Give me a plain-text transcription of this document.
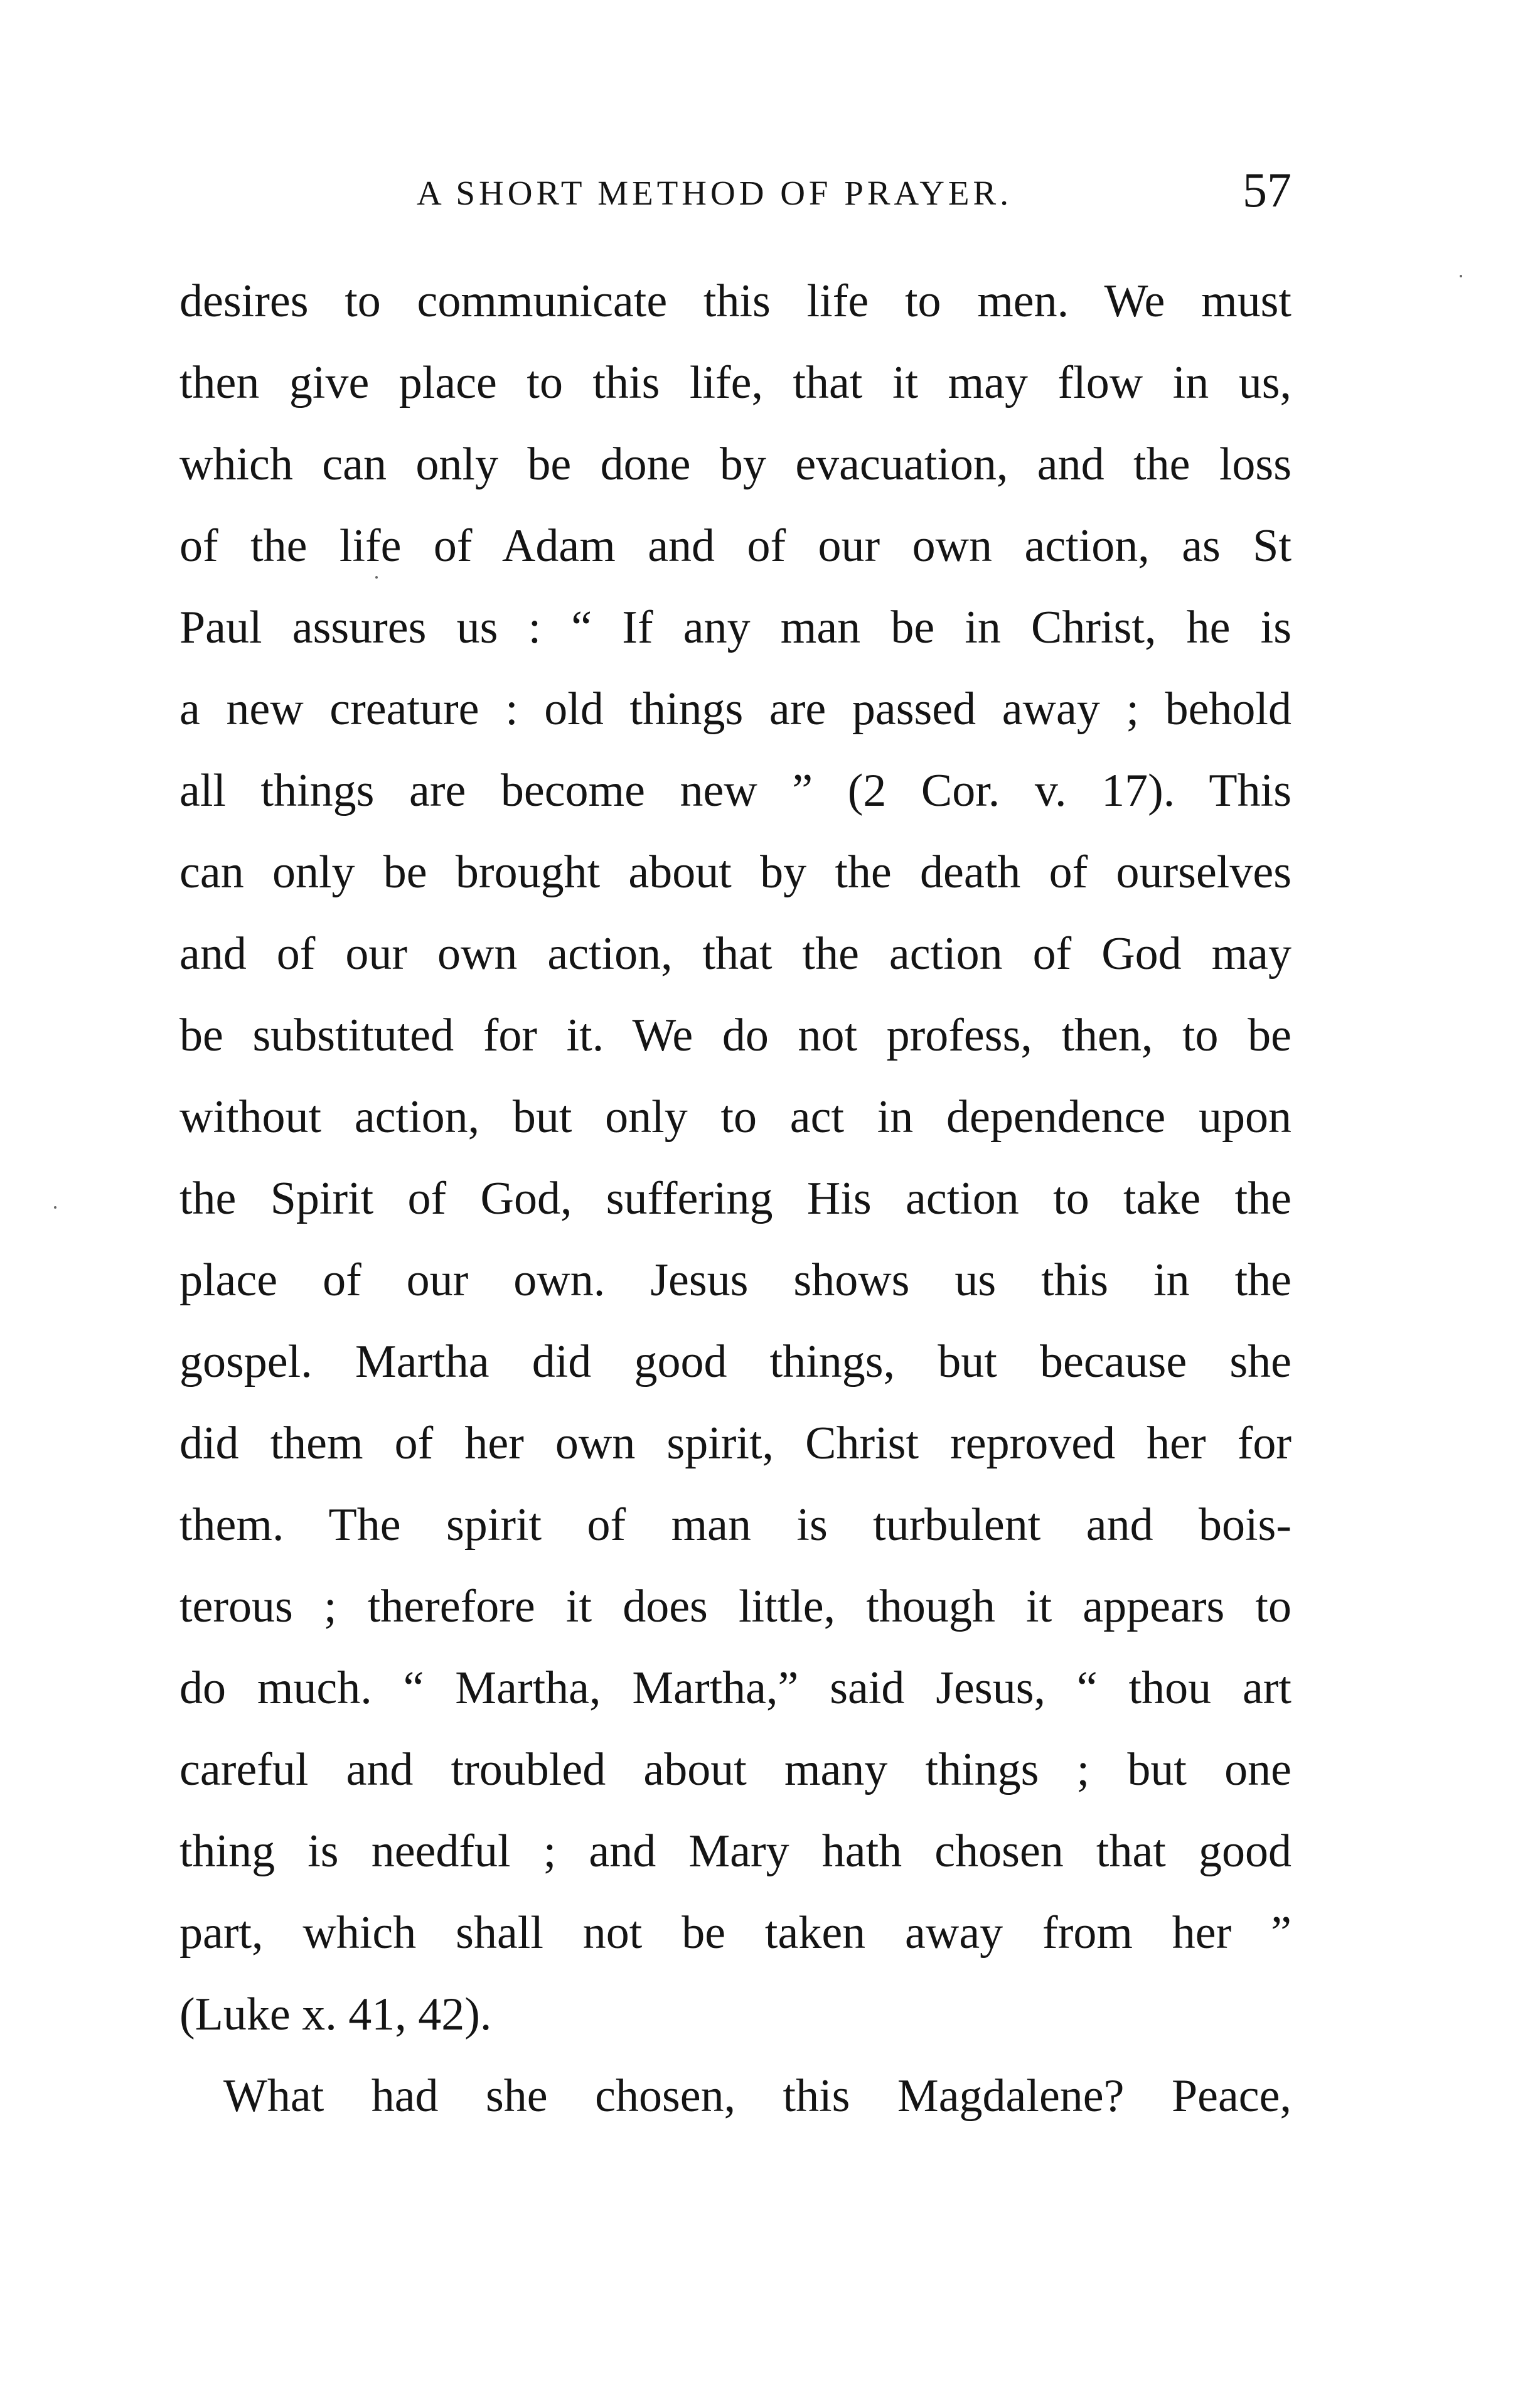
A SHORT METHOD OF PRAYER.	57
desires to communicate this life to men. We must
then give place to this life, that it may flow in us,
which can only be done by evacuation, and the loss
of the life of Adam and of our own action, as St
Paul assures us : “ If any man be in Christ, he is
a new creature : old things are passed away ; behold
all things are become new ” (2 Cor. v. 17). This
can only be brought about by the death of ourselves
and of our own action, that the action of God may
be substituted for it. We do not profess, then, to be
without action, but only to act in dependence upon
the Spirit of God, suffering His action to take the
place of our own. Jesus shows us this in the
gospel. Martha did good things, but because she
did them of her own spirit, Christ reproved her for
them. The spirit of man is turbulent and bois-
terous ; therefore it does little, though it appears to
do much. “ Martha, Martha,” said Jesus, “ thou art
careful and troubled about many things ; but one
thing is needful ; and Mary hath chosen that good
part, which shall not be taken away from her ”
(Luke x. 41, 42).
What had she chosen, this Magdalene? Peace,
